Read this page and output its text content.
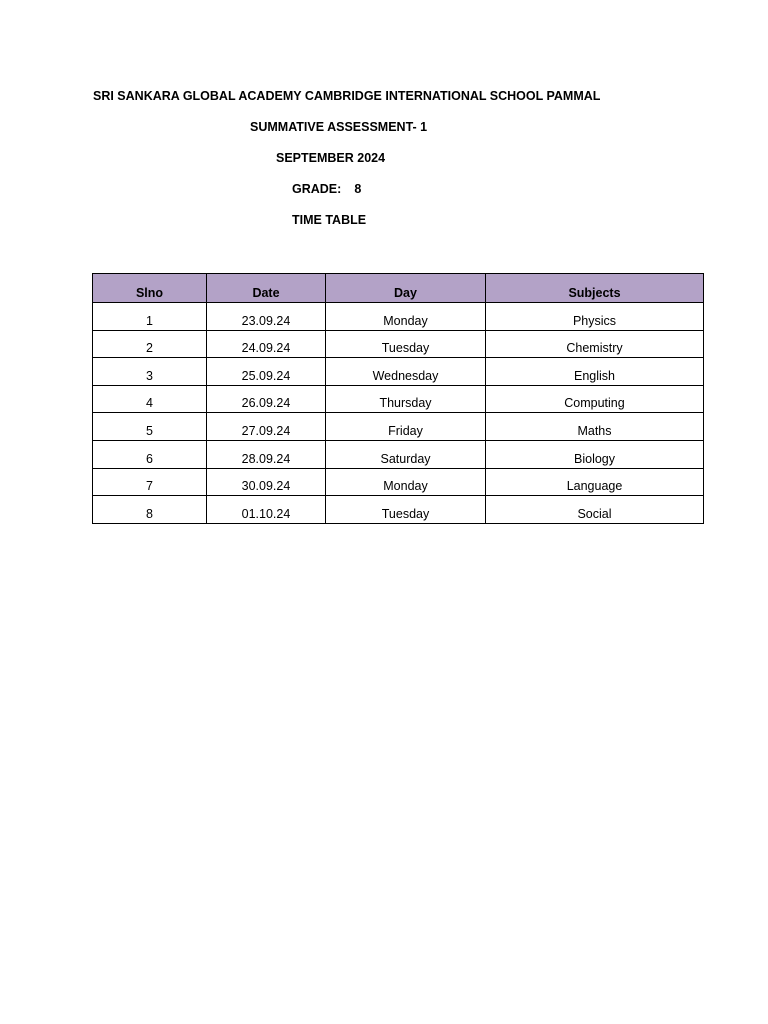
SRI SANKARA GLOBAL ACADEMY CAMBRIDGE INTERNATIONAL SCHOOL PAMMAL
SUMMATIVE ASSESSMENT- 1
SEPTEMBER 2024
GRADE: 8
TIME TABLE
Slno	Date	Day	Subjects
1	23.09.24	Monday	Physics
2	24.09.24	Tuesday	Chemistry
3	25.09.24	Wednesday	English
4	26.09.24	Thursday	Computing
5	27.09.24	Friday	Maths
6	28.09.24	Saturday	Biology
7	30.09.24	Monday	Language
8	01.10.24	Tuesday	Social
